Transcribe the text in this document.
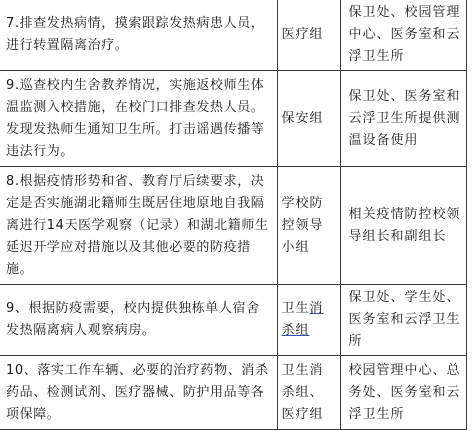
7.排查发热病情，摸索跟踪发热病患人员，进行转置隔离治疗。	医疗组	保卫处、校园管理中心、医务室和云浮卫生所
9.巡查校内生舍教养情况，实施返校师生体温监测入校措施，在校门口排查发热人员。发现发热师生通知卫生所。打击谣遇传播等违法行为。	保安组	保卫处、医务室和云浮卫生所提供测温设备使用
8.根据疫情形势和省、教育厅后续要求，决定是否实施湖北籍师生既居住地原地自我隔离进行14天医学观察（记录）和湖北籍师生延迟开学应对措施以及其他必要的防疫措施。	学校防控领导小组	相关疫情防控校领导组长和副组长
9、根据防疫需要，校内提供独栋单人宿舍发热隔离病人观察病房。	卫生消杀组	保卫处、学生处、医务室和云浮卫生所
10、落实工作车辆、必要的治疗药物、消杀药品、检测试剂、医疗器械、防护用品等各项保障。	卫生消杀组、医疗组	校园管理中心、总务处、医务室和云浮卫生所
